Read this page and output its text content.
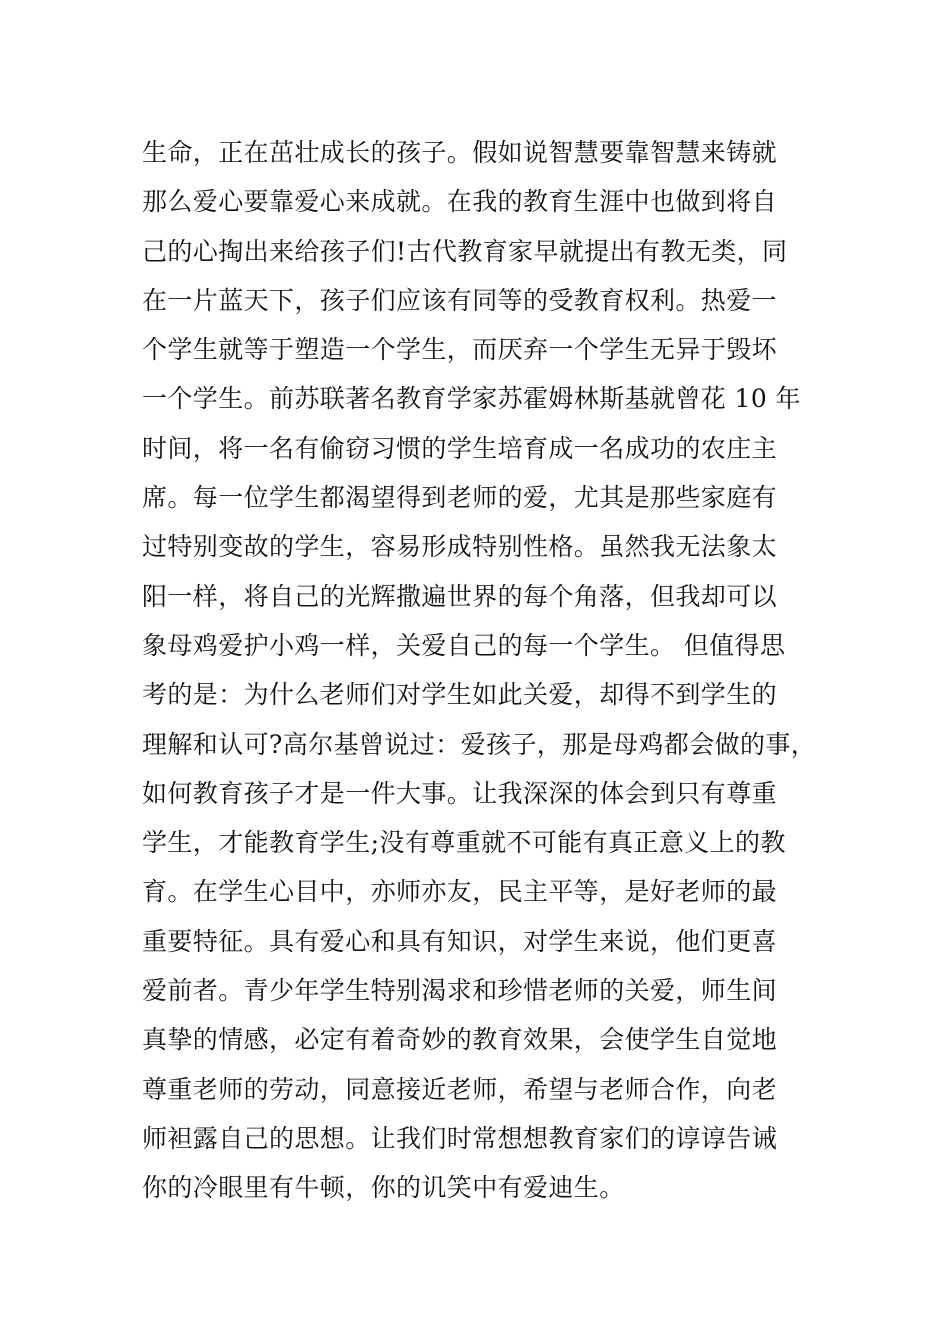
生命，正在茁壮成长的孩子。假如说智慧要靠智慧来铸就
那么爱心要靠爱心来成就。在我的教育生涯中也做到将自
己的心掏出来给孩子们!古代教育家早就提出有教无类，同
在一片蓝天下，孩子们应该有同等的受教育权利。热爱一
个学生就等于塑造一个学生，而厌弃一个学生无异于毁坏
一个学生。前苏联著名教育学家苏霍姆林斯基就曾花 10 年
时间，将一名有偷窃习惯的学生培育成一名成功的农庄主
席。每一位学生都渴望得到老师的爱，尤其是那些家庭有
过特别变故的学生，容易形成特别性格。虽然我无法象太
阳一样，将自己的光辉撒遍世界的每个角落，但我却可以
象母鸡爱护小鸡一样，关爱自己的每一个学生。 但值得思
考的是：为什么老师们对学生如此关爱，却得不到学生的
理解和认可?高尔基曾说过：爱孩子，那是母鸡都会做的事，
如何教育孩子才是一件大事。让我深深的体会到只有尊重
学生，才能教育学生;没有尊重就不可能有真正意义上的教
育。在学生心目中，亦师亦友，民主平等，是好老师的最
重要特征。具有爱心和具有知识，对学生来说，他们更喜
爱前者。青少年学生特别渴求和珍惜老师的关爱，师生间
真挚的情感，必定有着奇妙的教育效果，会使学生自觉地
尊重老师的劳动，同意接近老师，希望与老师合作，向老
师袒露自己的思想。让我们时常想想教育家们的谆谆告诫
你的冷眼里有牛顿，你的讥笑中有爱迪生。
